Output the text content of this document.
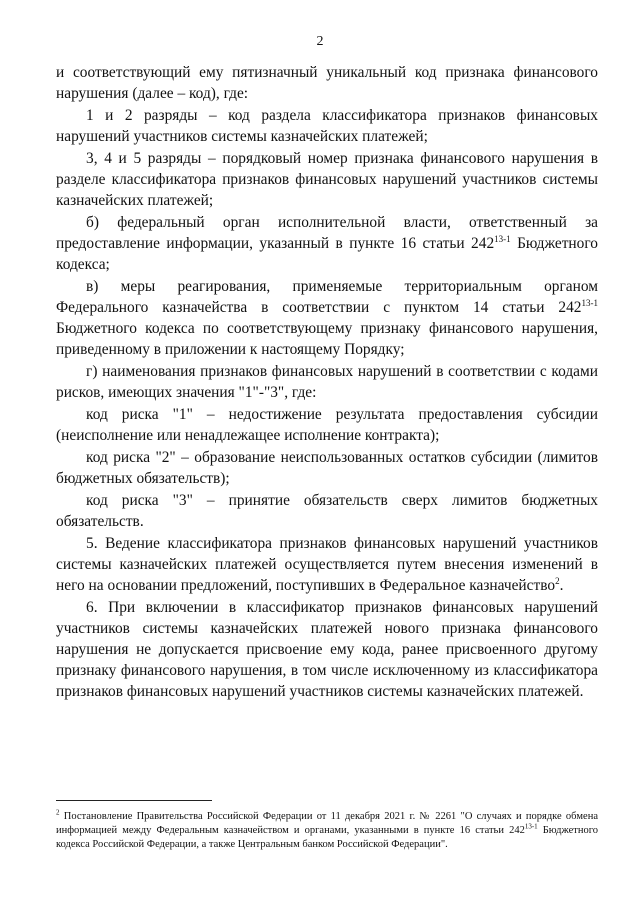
2

и соответствующий ему пятизначный уникальный код признака финансового нарушения (далее – код), где:

1 и 2 разряды – код раздела классификатора признаков финансовых нарушений участников системы казначейских платежей;

3, 4 и 5 разряды – порядковый номер признака финансового нарушения в разделе классификатора признаков финансовых нарушений участников системы казначейских платежей;

б) федеральный орган исполнительной власти, ответственный за предоставление информации, указанный в пункте 16 статьи 242$^{13-1}$ Бюджетного кодекса;

в) меры реагирования, применяемые территориальным органом Федерального казначейства в соответствии с пунктом 14 статьи 242$^{13-1}$ Бюджетного кодекса по соответствующему признаку финансового нарушения, приведенному в приложении к настоящему Порядку;

г) наименования признаков финансовых нарушений в соответствии с кодами рисков, имеющих значения "1"-"3", где:

код риска "1" – недостижение результата предоставления субсидии (неисполнение или ненадлежащее исполнение контракта);

код риска "2" – образование неиспользованных остатков субсидии (лимитов бюджетных обязательств);

код риска "3" – принятие обязательств сверх лимитов бюджетных обязательств.

5. Ведение классификатора признаков финансовых нарушений участников системы казначейских платежей осуществляется путем внесения изменений в него на основании предложений, поступивших в Федеральное казначейство$^2$.

6. При включении в классификатор признаков финансовых нарушений участников системы казначейских платежей нового признака финансового нарушения не допускается присвоение ему кода, ранее присвоенного другому признаку финансового нарушения, в том числе исключенному из классификатора признаков финансовых нарушений участников системы казначейских платежей.

$^2$ Постановление Правительства Российской Федерации от 11 декабря 2021 г. № 2261 "О случаях и порядке обмена информацией между Федеральным казначейством и органами, указанными в пункте 16 статьи 242$^{13-1}$ Бюджетного кодекса Российской Федерации, а также Центральным банком Российской Федерации".
